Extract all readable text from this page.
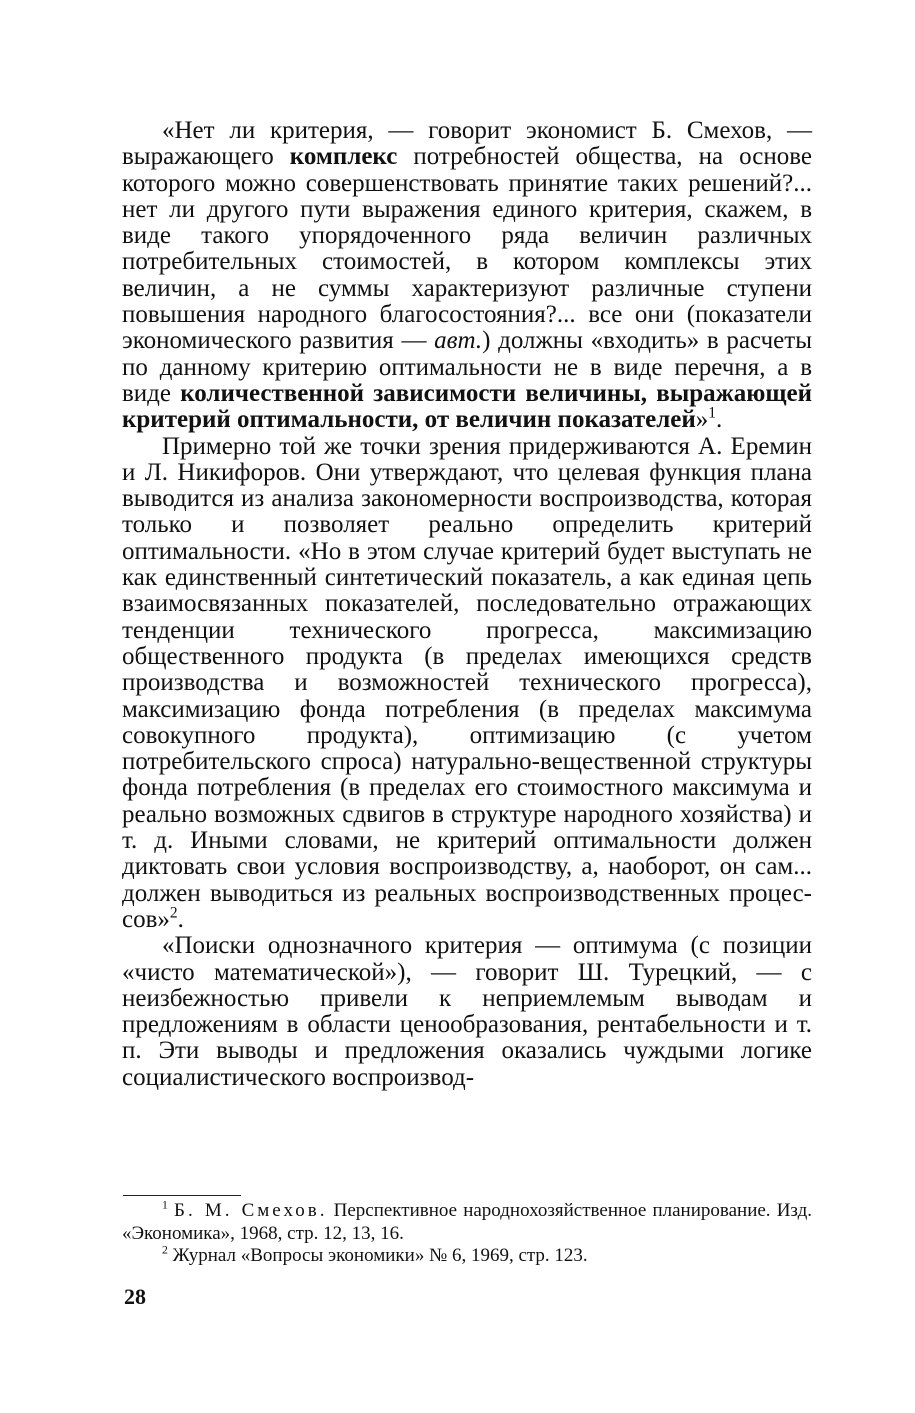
«Нет ли критерия, — говорит экономист Б. Смехов, — выражающего комплекс потребностей общества, на основе которого можно совершенствовать принятие таких решений?... нет ли другого пути выражения единого критерия, скажем, в виде такого упорядоченного ряда величин различных потребительных стоимостей, в котором комплексы этих величин, а не суммы характеризуют различные ступени повышения народного благосостояния?... все они (показатели экономического развития — авт.) должны «входить» в расчеты по данному критерию оптимальности не в виде перечня, а в виде количественной зависимости величины, выражающей критерий оптимальности, от величин показателей»$^1$.

Примерно той же точки зрения придерживаются А. Еремин и Л. Никифоров. Они утверждают, что целевая функция плана выводится из анализа закономерности воспроизводства, которая только и позволяет реально определить критерий оптимальности. «Но в этом случае критерий будет выступать не как единственный синтетический показатель, а как единая цепь взаимосвязанных показателей, последовательно отражающих тенденции технического прогресса, максимизацию общественного продукта (в пределах имеющихся средств производства и возможностей технического прогресса), максимизацию фонда потребления (в пределах максимума совокупного продукта), оптимизацию (с учетом потребительского спроса) натурально-вещественной структуры фонда потребления (в пределах его стоимостного максимума и реально возможных сдвигов в структуре народного хозяйства) и т. д. Иными словами, не критерий оптимальности должен диктовать свои условия воспроизводству, а, наоборот, он сам... должен выводиться из реальных воспроизводственных процессов»$^2$.

«Поиски однозначного критерия — оптимума (с позиции «чисто математической»), — говорит Ш. Турецкий, — с неизбежностью привели к неприемлемым выводам и предложениям в области ценообразования, рентабельности и т. п. Эти выводы и предложения оказались чуждыми логике социалистического воспроизвод-

$^1$ Б. М. Смехов. Перспективное народнохозяйственное планирование. Изд. «Экономика», 1968, стр. 12, 13, 16.

$^2$ Журнал «Вопросы экономики» № 6, 1969, стр. 123.

28
